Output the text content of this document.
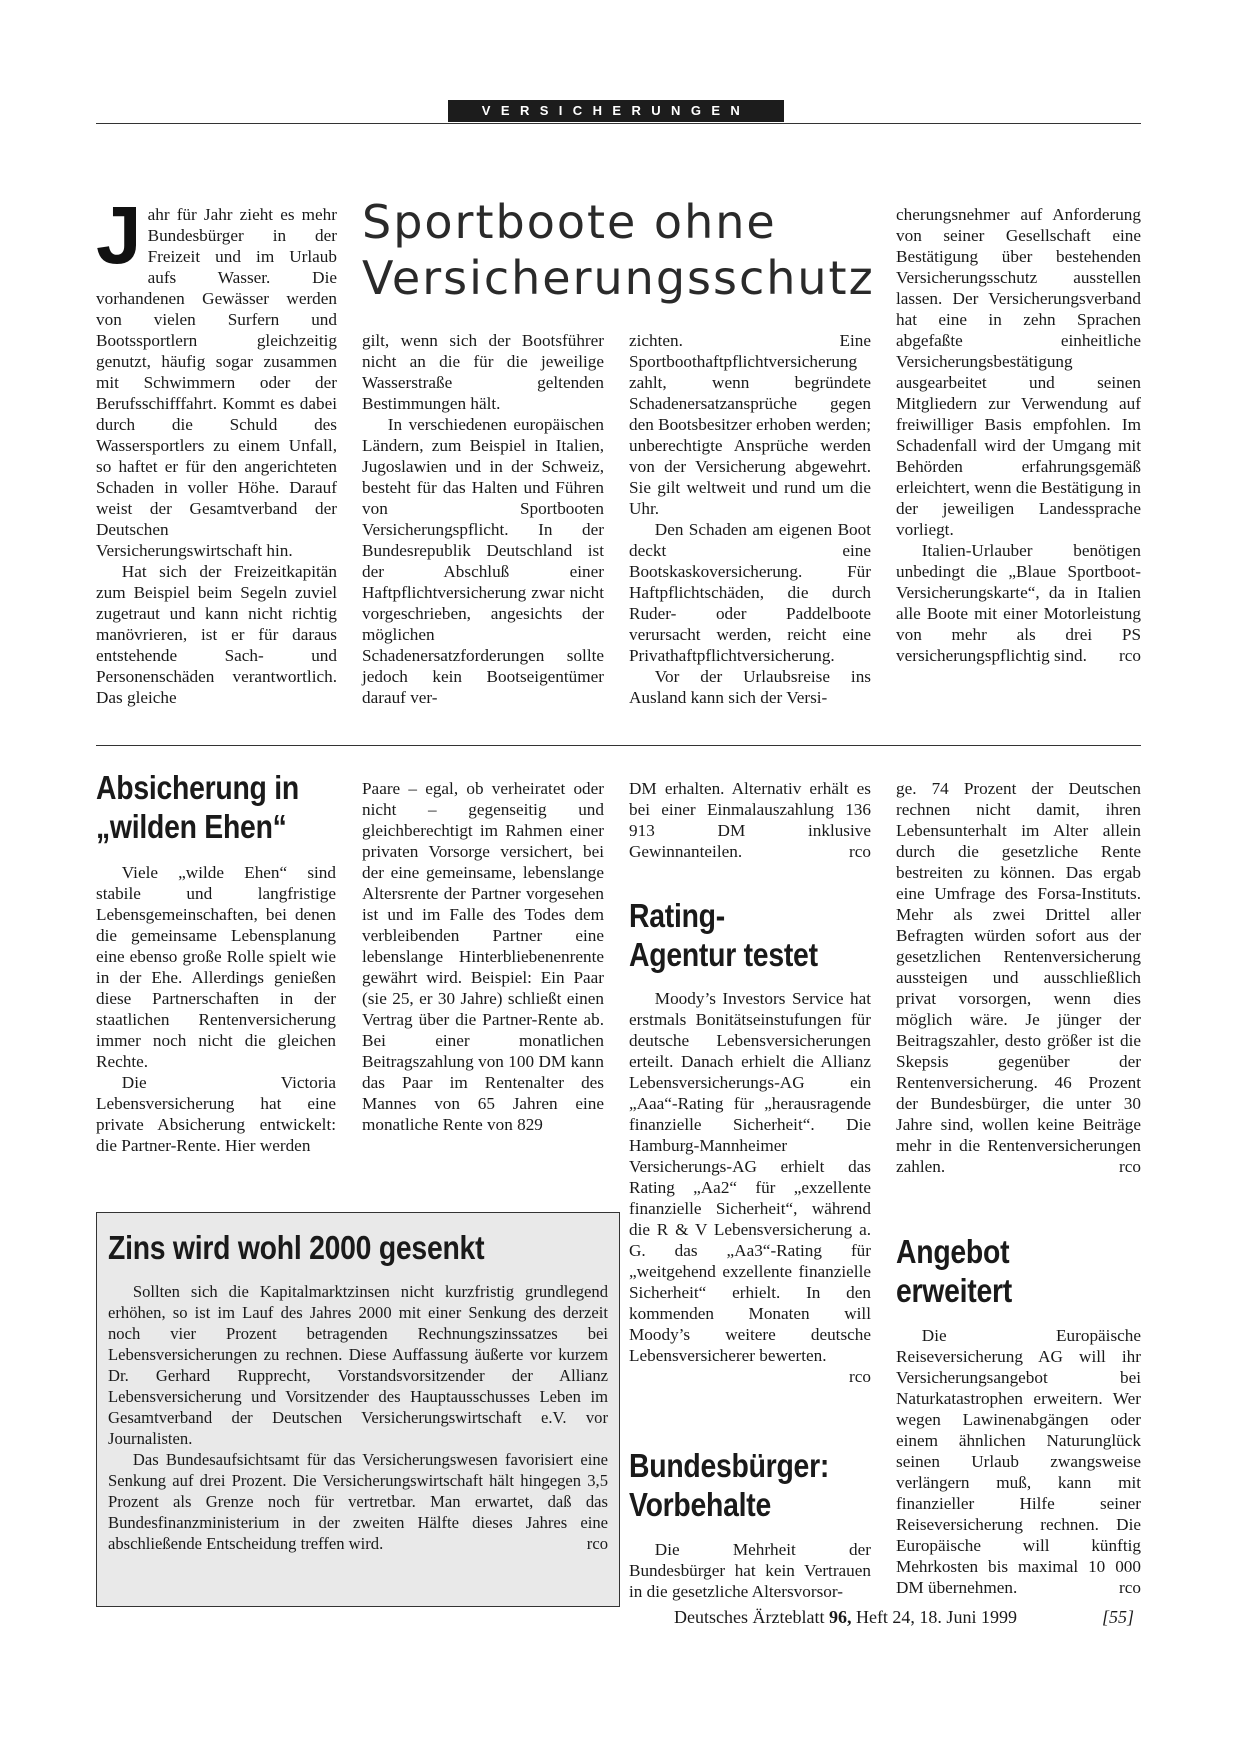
VERSICHERUNGEN
J ahr für Jahr zieht es mehr Bundesbürger in der Freizeit und im Urlaub aufs Wasser. Die vorhandenen Gewässer werden von vielen Surfern und Bootssportlern gleichzeitig genutzt, häufig sogar zusammen mit Schwimmern oder der Berufsschifffahrt. Kommt es dabei durch die Schuld des Wassersportlers zu einem Unfall, so haftet er für den angerichteten Schaden in voller Höhe. Darauf weist der Gesamtverband der Deutschen Versicherungswirtschaft hin.

Hat sich der Freizeitkapitän zum Beispiel beim Segeln zuviel zugetraut und kann nicht richtig manövrieren, ist er für daraus entstehende Sach- und Personenschäden verantwortlich. Das gleiche

Sportboote ohne Versicherungsschutz

gilt, wenn sich der Bootsführer nicht an die für die jeweilige Wasserstraße geltenden Bestimmungen hält.

In verschiedenen europäischen Ländern, zum Beispiel in Italien, Jugoslawien und in der Schweiz, besteht für das Halten und Führen von Sportbooten Versicherungspflicht. In der Bundesrepublik Deutschland ist der Abschluß einer Haftpflichtversicherung zwar nicht vorgeschrieben, angesichts der möglichen Schadenersatzforderungen sollte jedoch kein Bootseigentümer darauf ver-

zichten. Eine Sportboothaftpflichtversicherung zahlt, wenn begründete Schadenersatzansprüche gegen den Bootsbesitzer erhoben werden; unberechtigte Ansprüche werden von der Versicherung abgewehrt. Sie gilt weltweit und rund um die Uhr.

Den Schaden am eigenen Boot deckt eine Bootskaskoversicherung. Für Haftpflichtschäden, die durch Ruder- oder Paddelboote verursacht werden, reicht eine Privathaftpflichtversicherung.

Vor der Urlaubsreise ins Ausland kann sich der Versi-

cherungsnehmer auf Anforderung von seiner Gesellschaft eine Bestätigung über bestehenden Versicherungsschutz ausstellen lassen. Der Versicherungsverband hat eine in zehn Sprachen abgefaßte einheitliche Versicherungsbestätigung ausgearbeitet und seinen Mitgliedern zur Verwendung auf freiwilliger Basis empfohlen. Im Schadenfall wird der Umgang mit Behörden erfahrungsgemäß erleichtert, wenn die Bestätigung in der jeweiligen Landessprache vorliegt.

Italien-Urlauber benötigen unbedingt die „Blaue Sportboot-Versicherungskarte“, da in Italien alle Boote mit einer Motorleistung von mehr als drei PS versicherungspflichtig sind.	rco

Absicherung in
„wilden Ehen“

Viele „wilde Ehen“ sind stabile und langfristige Lebensgemeinschaften, bei denen die gemeinsame Lebensplanung eine ebenso große Rolle spielt wie in der Ehe. Allerdings genießen diese Partnerschaften in der staatlichen Rentenversicherung immer noch nicht die gleichen Rechte.

Die Victoria Lebensversicherung hat eine private Absicherung entwickelt: die Partner-Rente. Hier werden

Paare – egal, ob verheiratet oder nicht – gegenseitig und gleichberechtigt im Rahmen einer privaten Vorsorge versichert, bei der eine gemeinsame, lebenslange Altersrente der Partner vorgesehen ist und im Falle des Todes dem verbleibenden Partner eine lebenslange Hinterbliebenenrente gewährt wird. Beispiel: Ein Paar (sie 25, er 30 Jahre) schließt einen Vertrag über die Partner-Rente ab. Bei einer monatlichen Beitragszahlung von 100 DM kann das Paar im Rentenalter des Mannes von 65 Jahren eine monatliche Rente von 829

DM erhalten. Alternativ erhält es bei einer Einmalauszahlung 136 913 DM inklusive Gewinnanteilen.	rco

Rating-
Agentur testet

Moody’s Investors Service hat erstmals Bonitätseinstufungen für deutsche Lebensversicherungen erteilt. Danach erhielt die Allianz Lebensversicherungs-AG ein „Aaa“-Rating für „herausragende finanzielle Sicherheit“. Die Hamburg-Mannheimer Versicherungs-AG erhielt das Rating „Aa2“ für „exzellente finanzielle Sicherheit“, während die R & V Lebensversicherung a. G. das „Aa3“-Rating für „weitgehend exzellente finanzielle Sicherheit“ erhielt. In den kommenden Monaten will Moody’s weitere deutsche Lebensversicherer bewerten.
rco

Bundesbürger:
Vorbehalte

Die Mehrheit der Bundesbürger hat kein Vertrauen in die gesetzliche Altersvorsor-

ge. 74 Prozent der Deutschen rechnen nicht damit, ihren Lebensunterhalt im Alter allein durch die gesetzliche Rente bestreiten zu können. Das ergab eine Umfrage des Forsa-Instituts. Mehr als zwei Drittel aller Befragten würden sofort aus der gesetzlichen Rentenversicherung aussteigen und ausschließlich privat vorsorgen, wenn dies möglich wäre. Je jünger der Beitragszahler, desto größer ist die Skepsis gegenüber der Rentenversicherung. 46 Prozent der Bundesbürger, die unter 30 Jahre sind, wollen keine Beiträge mehr in die Rentenversicherungen zahlen.	rco

Angebot
erweitert

Die Europäische Reiseversicherung AG will ihr Versicherungsangebot bei Naturkatastrophen erweitern. Wer wegen Lawinenabgängen oder einem ähnlichen Naturunglück seinen Urlaub zwangsweise verlängern muß, kann mit finanzieller Hilfe seiner Reiseversicherung rechnen. Die Europäische will künftig Mehrkosten bis maximal 10 000 DM übernehmen.	rco

Zins wird wohl 2000 gesenkt

Sollten sich die Kapitalmarktzinsen nicht kurzfristig grundlegend erhöhen, so ist im Lauf des Jahres 2000 mit einer Senkung des derzeit noch vier Prozent betragenden Rechnungszinssatzes bei Lebensversicherungen zu rechnen. Diese Auffassung äußerte vor kurzem Dr. Gerhard Rupprecht, Vorstandsvorsitzender der Allianz Lebensversicherung und Vorsitzender des Hauptausschusses Leben im Gesamtverband der Deutschen Versicherungswirtschaft e.V. vor Journalisten.

Das Bundesaufsichtsamt für das Versicherungswesen favorisiert eine Senkung auf drei Prozent. Die Versicherungswirtschaft hält hingegen 3,5 Prozent als Grenze noch für vertretbar. Man erwartet, daß das Bundesfinanzministerium in der zweiten Hälfte dieses Jahres eine abschließende Entscheidung treffen wird.	rco

Deutsches Ärzteblatt 96, Heft 24, 18. Juni 1999	[55]
